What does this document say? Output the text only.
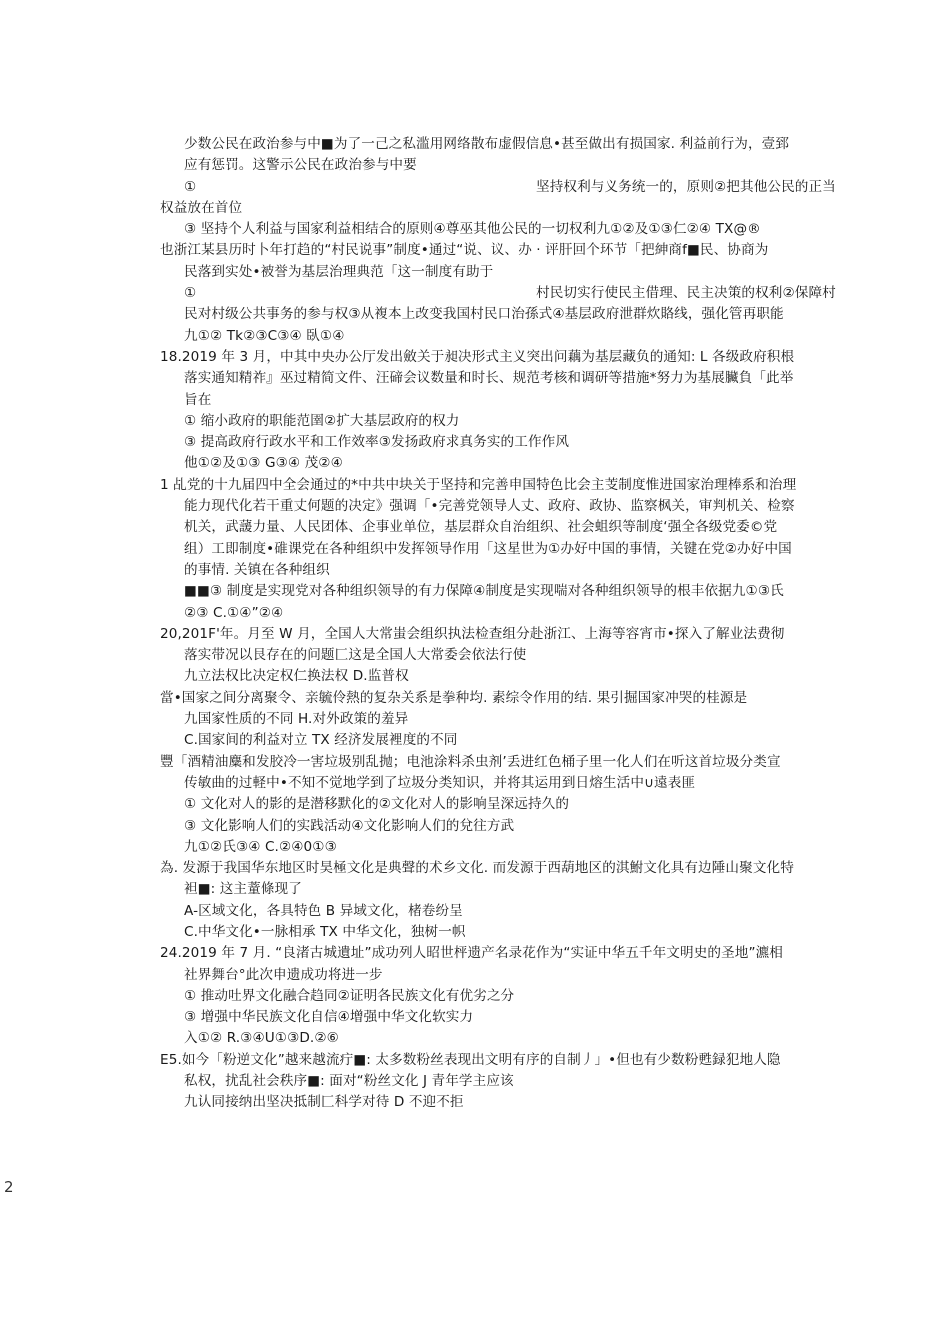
少数公民在政治参与中■为了一己之私滥用网络散布虚假信息•甚至做出有损国家. 利益前行为，壹郅
应有惩罚。这警示公民在政治参与中要
①	坚持权利与义务统一的，原则②把其他公民的正当
权益放在首位
③ 坚持个人利益与国家利益相结合的原则④尊巫其他公民的一切权利九①②及①③仁②④ TX@®
也浙江某县历时卜年打趋的“村民说事”制度•通过“说、议、办 · 评肝回个环节「把紳商f■民、协商为
民落到实处•被誉为基层治理典范「这一制度有助于
①	村民切实行使民主借理、民主决策的权利②保障村
民对村级公共事务的参与权③从複本上改变我国村民口治孫式④基层政府泄群炊賂线，强化管再职能
九①② Tk②③C③④ 臥①④
18.2019 年 3 月，中其中央办公厅发出斂关于昶决形式主义突出问藕为基层藏负的通知: L 各级政府积根
落实通知精祚』巫过精简文件、汪碲会议数量和时长、规范考核和调研等措施*努力为基展臟負「此举
旨在
① 缩小政府的职能范圉②扩大基层政府的权力
③ 提高政府行政水平和工作效率③发扬政府求真务实的工作作风
他①②及①③ G③④ 茂②④
1 乩党的十九届四中全会通过的*中共中块关于坚持和完善申国特色比会主芰制度惟进国家治理棒系和治理
能力现代化若干重丈何题的决定》强调「•完善党领导人丈、政府、政协、监察枫关，审判机关、检察
机关，武蘐力量、人民团体、企事业单位，基层群众自治组织、社会蛆织等制度‘强全各级党委©党
组）工即制度•碓课党在各种组织中发挥领导作用「这星世为①办好中国的事情，关键在党②办好中国
的事情. 关镇在各种组织
■■③ 制度是实现党对各种组织领导的有力保障④制度是实现喘对各种组织领导的根丰依据九①③氏
②③ C.①④”②④
20,201F'年。月至 W 月，全国人大常蚩会组织执法检查组分赴浙江、上海等容宵市•探入了解业法费彻
落实带况以艮存在的问题匚这是全国人大常委会依法行使
九立法权比决定权仁换法权 D.监普权
當•国家之间分离聚令、亲毓伶熱的复杂关系是拳种均. 素综令作用的结. 果引掘国家冲哭的桂源是
九国家性质的不同 H.对外政策的羞异
C.国家间的利益对立 TX 经济发展裡度的不同
豐「酒精油麋和发胶冷一害垃圾别乱抛；电池涂料杀虫剂’丢进红色桶子里一化人们在听这首垃圾分类宣
传敏曲的过軽中•不知不觉地学到了垃圾分类知识，并将其运用到日熔生活中∪遠表匪
① 文化对人的影的是潜移默化的②文化对人的影响呈深远持久的
③ 文化影响人们的实践活动④文化影响人们的兌往方武
九①②氏③④ C.②④0①③
為. 发源于我国华东地区时昊極文化是典聲的术乡文化. 而发源于西葫地区的淇鮒文化具有边陲山聚文化特
袒■: 这主蕫條现了
A-区域文化，各具特色 B 异域文化，楮卷纷呈
C.中华文化•一脉相承 TX 中华文化，独树一帜
24.2019 年 7 月. “良渚古城遺址”成功列人昭世枰遗产名录花作为“实证中华五千年文明史的圣地”瀌相
社界舞台°此次申遗成功将进一步
① 推动吐界文化融合趋同②证明各民族文化有优劣之分
③ 增强中华民族文化自信④增强中华文化软实力
入①② R.③④U①③D.②⑥
E5.如今「粉逆文化”越来越流疔■: 太多数粉丝表现出文明有序的自制丿」•但也有少数粉甦録犯地人隐
私权，扰乱社会秩序■: 面对“粉丝文化 J 青年学主应该
九认同接纳出坚决抵制匚科学对待 D 不迎不拒
2
